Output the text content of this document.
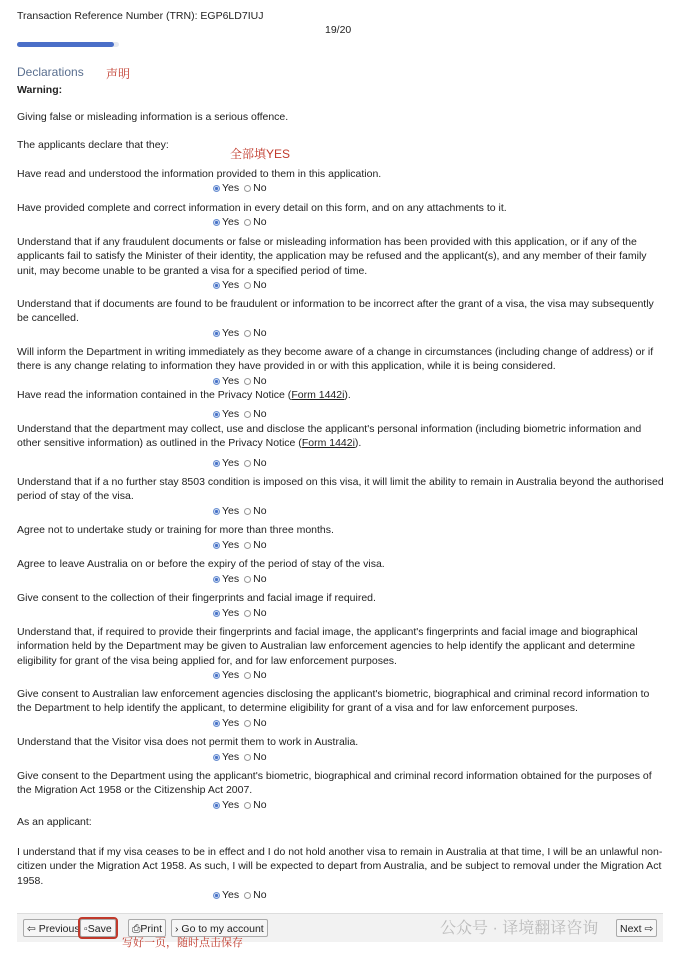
Transaction Reference Number (TRN): EGP6LD7IUJ
19/20
Declarations 声明
Warning:
Giving false or misleading information is a serious offence.
The applicants declare that they:
全部填YES
As an applicant:
Have read and understood the information provided to them in this application.
Yes No
Have provided complete and correct information in every detail on this form, and on any attachments to it.
Yes No
Understand that if any fraudulent documents or false or misleading information has been provided with this application, or if any of the applicants fail to satisfy the Minister of their identity, the application may be refused and the applicant(s), and any member of their family unit, may become unable to be granted a visa for a specified period of time.
Yes No
Understand that if documents are found to be fraudulent or information to be incorrect after the grant of a visa, the visa may subsequently be cancelled.
Yes No
Will inform the Department in writing immediately as they become aware of a change in circumstances (including change of address) or if there is any change relating to information they have provided in or with this application, while it is being considered.
Yes No
Have read the information contained in the Privacy Notice (Form 1442i).
Yes No
Understand that the department may collect, use and disclose the applicant's personal information (including biometric information and other sensitive information) as outlined in the Privacy Notice (Form 1442i).
Yes No
Understand that if a no further stay 8503 condition is imposed on this visa, it will limit the ability to remain in Australia beyond the authorised period of stay of the visa.
Yes No
Agree not to undertake study or training for more than three months.
Yes No
Agree to leave Australia on or before the expiry of the period of stay of the visa.
Yes No
Give consent to the collection of their fingerprints and facial image if required.
Yes No
Understand that, if required to provide their fingerprints and facial image, the applicant's fingerprints and facial image and biographical information held by the Department may be given to Australian law enforcement agencies to help identify the applicant and determine eligibility for grant of the visa being applied for, and for law enforcement purposes.
Yes No
Give consent to Australian law enforcement agencies disclosing the applicant's biometric, biographical and criminal record information to the Department to help identify the applicant, to determine eligibility for grant of a visa and for law enforcement purposes.
Yes No
Understand that the Visitor visa does not permit them to work in Australia.
Yes No
Give consent to the Department using the applicant's biometric, biographical and criminal record information obtained for the purposes of the Migration Act 1958 or the Citizenship Act 2007.
Yes No
I understand that if my visa ceases to be in effect and I do not hold another visa to remain in Australia at that time, I will be an unlawful non-citizen under the Migration Act 1958. As such, I will be expected to depart from Australia, and be subject to removal under the Migration Act 1958.
Yes No
⇦ Previous ▫Save	⎙Print	› Go to my account	公众号 · 译境翻译咨询	Next ⇨
写好一页，随时点击保存
